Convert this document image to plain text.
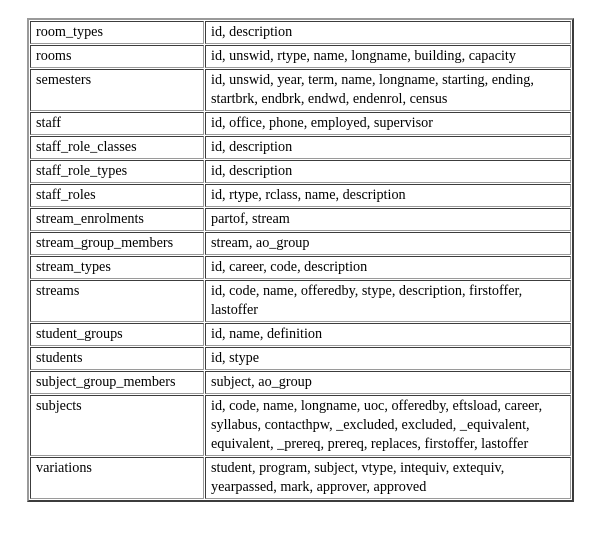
room_types	id, description
rooms	id, unswid, rtype, name, longname, building, capacity
semesters	id, unswid, year, term, name, longname, starting, ending, startbrk, endbrk, endwd, endenrol, census
staff	id, office, phone, employed, supervisor
staff_role_classes	id, description
staff_role_types	id, description
staff_roles	id, rtype, rclass, name, description
stream_enrolments	partof, stream
stream_group_members	stream, ao_group
stream_types	id, career, code, description
streams	id, code, name, offeredby, stype, description, firstoffer, lastoffer
student_groups	id, name, definition
students	id, stype
subject_group_members	subject, ao_group
subjects	id, code, name, longname, uoc, offeredby, eftsload, career, syllabus, contacthpw, _excluded, excluded, _equivalent, equivalent, _prereq, prereq, replaces, firstoffer, lastoffer
variations	student, program, subject, vtype, intequiv, extequiv, yearpassed, mark, approver, approved
